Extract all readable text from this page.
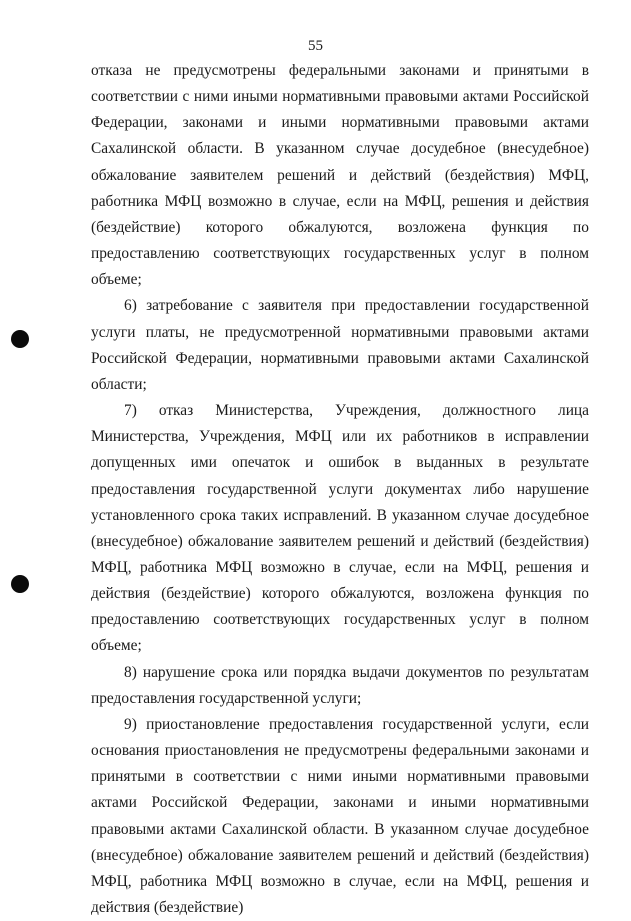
55

отказа не предусмотрены федеральными законами и принятыми в соответствии с ними иными нормативными правовыми актами Российской Федерации, законами и иными нормативными правовыми актами Сахалинской области. В указанном случае досудебное (внесудебное) обжалование заявителем решений и действий (бездействия) МФЦ, работника МФЦ возможно в случае, если на МФЦ, решения и действия (бездействие) которого обжалуются, возложена функция по предоставлению соответствующих государственных услуг в полном объеме;

6) затребование с заявителя при предоставлении государственной услуги платы, не предусмотренной нормативными правовыми актами Российской Федерации, нормативными правовыми актами Сахалинской области;

7) отказ Министерства, Учреждения, должностного лица Министерства, Учреждения, МФЦ или их работников в исправлении допущенных ими опечаток и ошибок в выданных в результате предоставления государственной услуги документах либо нарушение установленного срока таких исправлений. В указанном случае досудебное (внесудебное) обжалование заявителем решений и действий (бездействия) МФЦ, работника МФЦ возможно в случае, если на МФЦ, решения и действия (бездействие) которого обжалуются, возложена функция по предоставлению соответствующих государственных услуг в полном объеме;

8) нарушение срока или порядка выдачи документов по результатам предоставления государственной услуги;

9) приостановление предоставления государственной услуги, если основания приостановления не предусмотрены федеральными законами и принятыми в соответствии с ними иными нормативными правовыми актами Российской Федерации, законами и иными нормативными правовыми актами Сахалинской области. В указанном случае досудебное (внесудебное) обжалование заявителем решений и действий (бездействия) МФЦ, работника МФЦ возможно в случае, если на МФЦ, решения и действия (бездействие)
